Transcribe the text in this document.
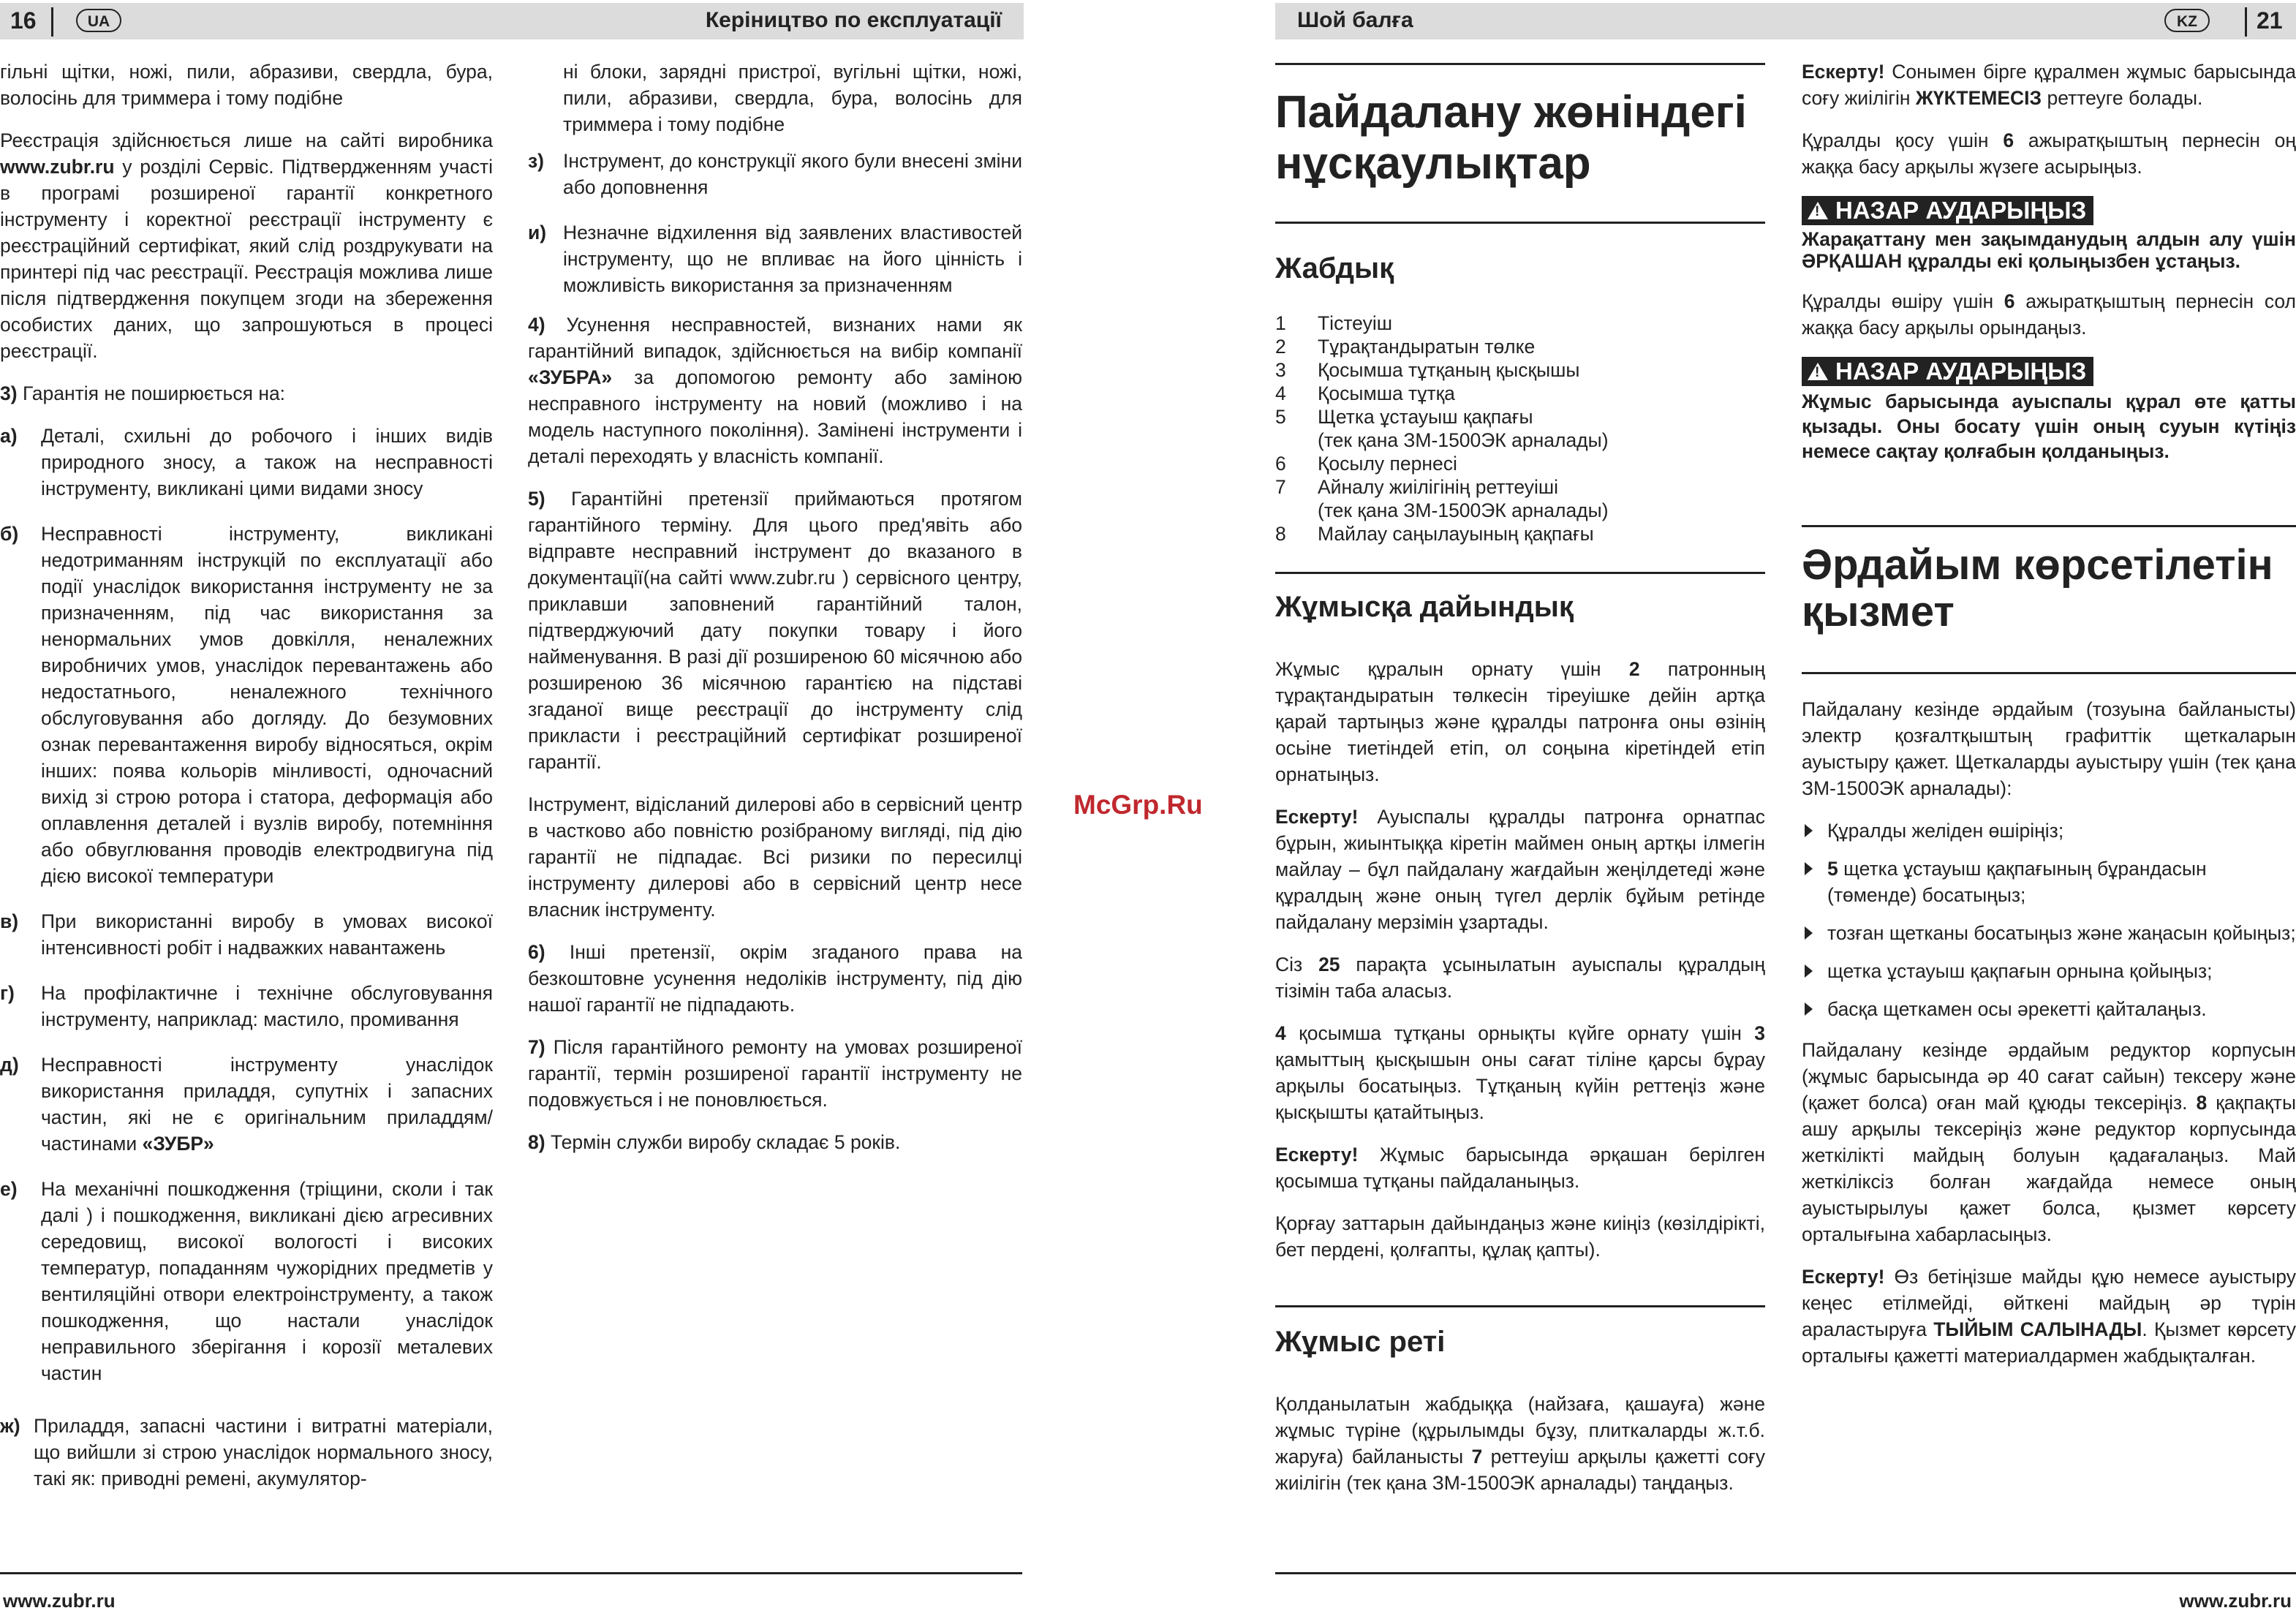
16	UA	Керіництво по експлуатації

гільні щітки, ножі, пили, абразиви, свердла, бура, волосінь для триммера і тому подібне

Реєстрація здійснюється лише на сайті виробника www.zubr.ru у розділі Сервіс. Підтвердженням участі в програмі розширеної гарантії конкретного інструменту і коректної реєстрації інструменту є реєстраційний сертифікат, який слід роздрукувати на принтері під час реєстрації. Реєстрація можлива лише після підтвердження покупцем згоди на збереження особистих даних, що запрошуються в процесі реєстрації.

3) Гарантія не поширюється на:

а)	Деталі, схильні до робочого і інших видів природного зносу, а також на несправності інструменту, викликані цими видами зносу
б)	Несправності інструменту, викликані недотриманням інструкцій по експлуатації або події унаслідок використання інструменту не за призначенням, під час використання за ненормальних умов довкілля, неналежних виробничих умов, унаслідок перевантажень або недостатнього, неналежного технічного обслуговування або догляду. До безумовних ознак перевантаження виробу відносяться, окрім інших: поява кольорів мінливості, одночасний вихід зі строю ротора і статора, деформація або оплавлення деталей і вузлів виробу, потемніння або обвуглювання проводів електродвигуна під дією високої температури
в)	При використанні виробу в умовах високої інтенсивності робіт і надважких навантажень
г)	На профілактичне і технічне обслуговування інструменту, наприклад: мастило, промивання
д)	Несправності інструменту унаслідок використання приладдя, супутніх і запасних частин, які не є оригінальним приладдям/частинами «ЗУБР»
е)	На механічні пошкодження (тріщини, сколи і так далі ) і пошкодження, викликані дією агресивних середовищ, високої вологості і високих температур, попаданням чужорідних предметів у вентиляційні отвори електроінструменту, а також пошкодження, що настали унаслідок неправильного зберігання і корозії металевих частин
ж) Приладдя, запасні частини і витратні матеріали, що вийшли зі строю унаслідок нормального зносу, такі як: приводні ремені, акумулятор-
ні блоки, зарядні пристрої, вугільні щітки, ножі, пили, абразиви, свердла, бура, волосінь для триммера і тому подібне
з) Інструмент, до конструкції якого були внесені зміни або доповнення
и) Незначне відхилення від заявлених властивостей інструменту, що не впливає на його цінність і можливість використання за призначенням

4) Усунення несправностей, визнаних нами як гарантійний випадок, здійснюється на вибір компанії «ЗУБРА» за допомогою ремонту або заміною несправного інструменту на новий (можливо і на модель наступного покоління). Замінені інструменти і деталі переходять у власність компанії.

5) Гарантійні претензії приймаються протягом гарантійного терміну. Для цього пред'явіть або відправте несправний інструмент до вказаного в документації(на сайті www.zubr.ru ) сервісного центру, приклавши заповнений гарантійний талон, підтверджуючий дату покупки товару і його найменування. В разі дії розширеною 60 місячною або розширеною 36 місячною гарантією на підставі згаданої вище реєстрації до інструменту слід прикласти і реєстраційний сертифікат розширеної гарантії.

Інструмент, відісланий дилерові або в сервісний центр в частково або повністю розібраному вигляді, під дію гарантії не підпадає. Всі ризики по пересилці інструменту дилерові або в сервісний центр несе власник інструменту.

6) Інші претензії, окрім згаданого права на безкоштовне усунення недоліків інструменту, під дію нашої гарантії не підпадають.

7) Після гарантійного ремонту на умовах розширеної гарантії, термін розширеної гарантії інструменту не подовжується і не поновлюється.

8) Термін служби виробу складає 5 років.

www.zubr.ru
McGrp.Ru
Шой балға	KZ	21
Пайдалану жөніндегі нұсқаулықтар
Жабдық
1	Тістеуіш
2	Тұрақтандыратын төлке
3	Қосымша тұтқаның қысқышы
4	Қосымша тұтқа
5	Щетка ұстауыш қақпағы
(тек қана ЗМ-1500ЭК арналады)
6	Қосылу пернесі
7	Айналу жиілігінің реттеуіші
(тек қана ЗМ-1500ЭК арналады)
8	Майлау саңылауының қақпағы
Жұмысқа дайындық

Жұмыс құралын орнату үшін 2 патронның тұрақтандыратын төлкесін тіреуішке дейін артқа қарай тартыңыз және құралды патронға оны өзінің осьіне тиетіндей етіп, ол соңына кіретіндей етіп орнатыңыз.

Ескерту! Ауыспалы құралды патронға орнатпас бұрын, жиынтыққа кіретін маймен оның артқы ілмегін майлау – бұл пайдалану жағдайын жеңілдетеді және құралдың және оның түгел дерлік бұйым ретінде пайдалану мерзімін ұзартады.

Сіз 25 парақта ұсынылатын ауыспалы құралдың тізімін таба аласыз.

4 қосымша тұтқаны орнықты күйге орнату үшін 3 қамыттың қысқышын оны сағат тіліне қарсы бұрау арқылы босатыңыз. Тұтқаның күйін реттеңіз және қысқышты қатайтыңыз.

Ескерту! Жұмыс барысында әрқашан берілген қосымша тұтқаны пайдаланыңыз.

Қорғау заттарын дайындаңыз және киіңіз (көзілдірікті, бет пердені, қолғапты, құлақ қапты).

Жұмыс реті

Қолданылатын жабдыққа (найзаға, қашауға) және жұмыс түріне (құрылымды бұзу, плиткаларды ж.т.б. жаруға) байланысты 7 реттеуіш арқылы қажетті соғу жиілігін (тек қана ЗМ-1500ЭК арналады) таңдаңыз.

Ескерту! Сонымен бірге құралмен жұмыс барысында соғу жиілігін ЖҮКТЕМЕСІЗ реттеуге болады.

Құралды қосу үшін 6 ажыратқыштың пернесін оң жаққа басу арқылы жүзеге асырыңыз.

! НАЗАР АУДАРЫҢЫЗ

Жарақаттану мен зақымданудың алдын алу үшін ӘРҚАШАН құралды екі қолыңызбен ұстаңыз.

Құралды өшіру үшін 6 ажыратқыштың пернесін сол жаққа басу арқылы орындаңыз.

! НАЗАР АУДАРЫҢЫЗ

Жұмыс барысында ауыспалы құрал өте қатты қызады. Оны босату үшін оның сууын күтіңіз немесе сақтау қолғабын қолданыңыз.

Әрдайым көрсетілетін қызмет

Пайдалану кезінде әрдайым (тозуына байланысты) электр қозғалтқыштың графиттік щеткаларын ауыстыру қажет. Щеткаларды ауыстыру үшін (тек қана ЗМ-1500ЭК арналады):

Құралды желіден өшіріңіз;
5 щетка ұстауыш қақпағының бұрандасын (төменде) босатыңыз;
тозған щетканы босатыңыз және жаңасын қойыңыз;
щетка ұстауыш қақпағын орнына қойыңыз;
басқа щеткамен осы әрекетті қайталаңыз.

Пайдалану кезінде әрдайым редуктор корпусын (жұмыс барысында әр 40 сағат сайын) тексеру және (қажет болса) оған май құюды тексеріңіз. 8 қақпақты ашу арқылы тексеріңіз және редуктор корпусында жеткілікті майдың болуын қадағалаңыз. Май жеткіліксіз болған жағдайда немесе оның ауыстырылуы қажет болса, қызмет көрсету орталығына хабарласыңыз.

Ескерту! Өз бетіңізше майды құю немесе ауыстыру кеңес етілмейді, өйткені майдың әр түрін араластыруға ТЫЙЫМ САЛЫНАДЫ. Қызмет көрсету орталығы қажетті материалдармен жабдықталған.

www.zubr.ru
